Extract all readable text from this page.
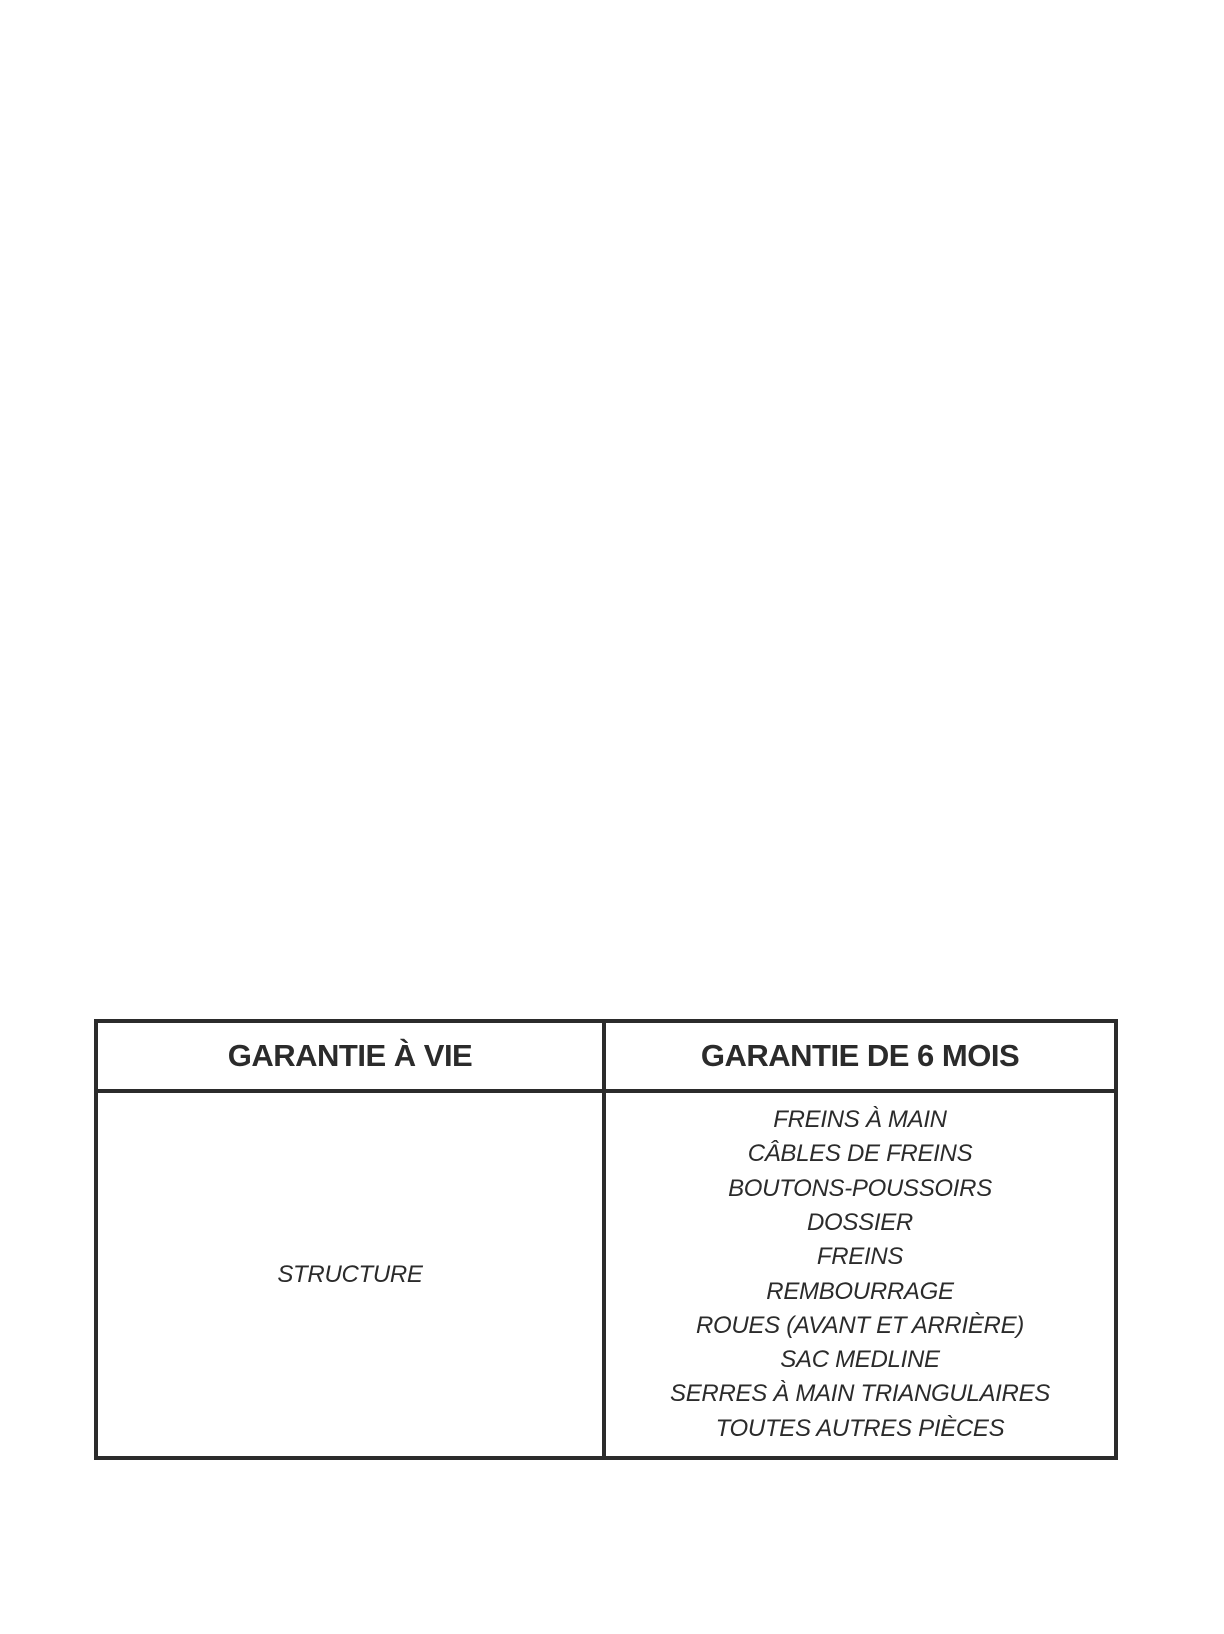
GARANTIE À VIE	GARANTIE DE 6 MOIS
STRUCTURE
FREINS À MAIN
CÂBLES DE FREINS
BOUTONS-POUSSOIRS
DOSSIER
FREINS
REMBOURRAGE
ROUES (AVANT ET ARRIÈRE)
SAC MEDLINE
SERRES À MAIN TRIANGULAIRES
TOUTES AUTRES PIÈCES
